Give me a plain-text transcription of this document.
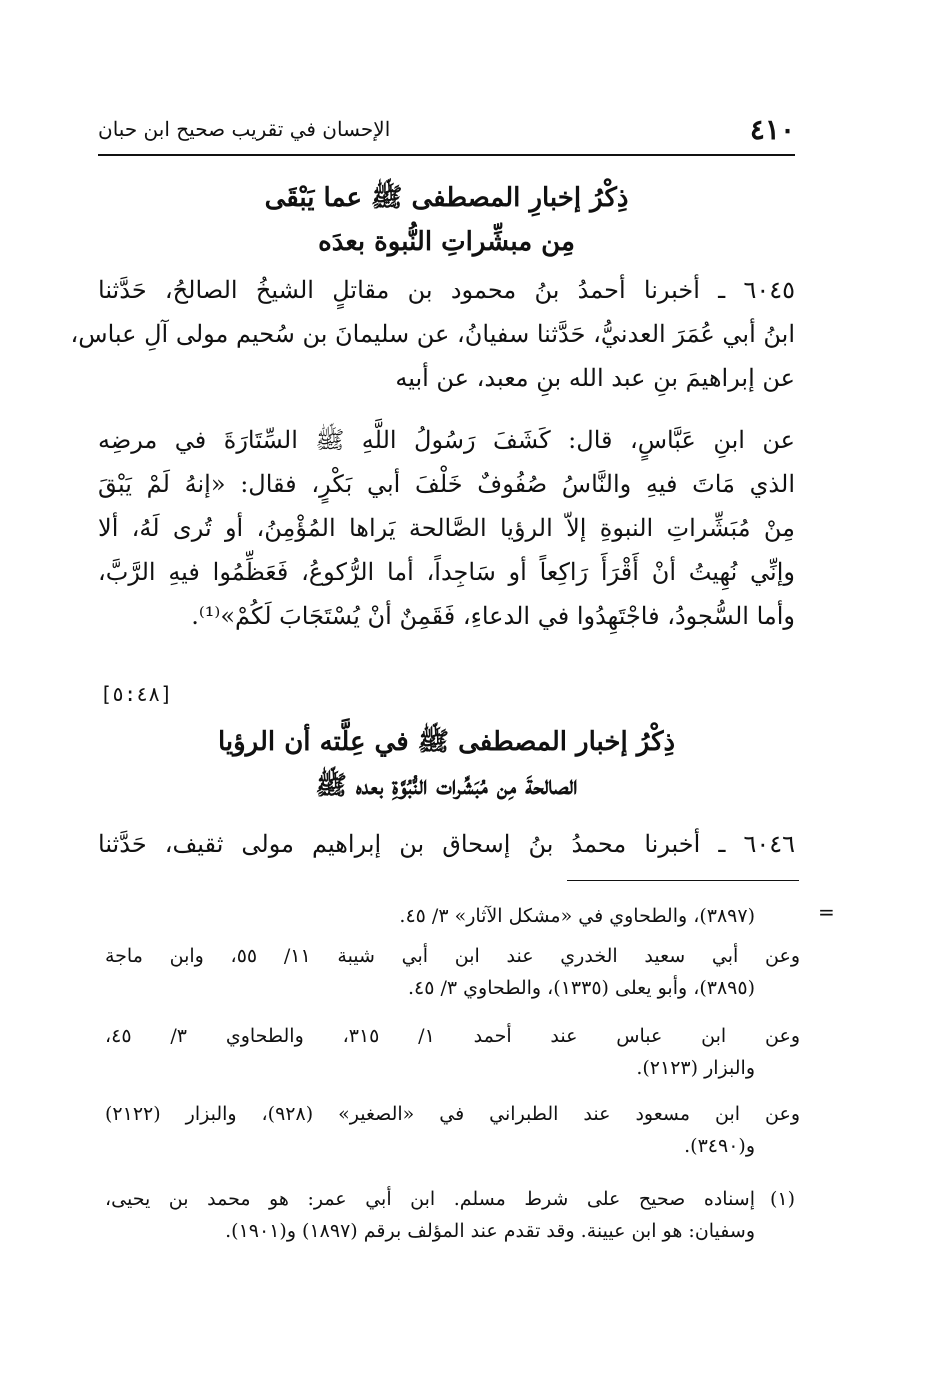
٤١٠
الإحسان في تقريب صحيح ابن حبان
ذِكْرُ إخبارِ المصطفى ﷺ عما يَبْقَى
مِن مبشِّراتِ النُّبوة بعدَه
٦٠٤٥ ـ أخبرنا أحمدُ بنُ محمود بن مقاتلٍ الشيخُ الصالحُ، حَدَّثنا
ابنُ أبي عُمَرَ العدنيُّ، حَدَّثنا سفيانُ، عن سليمانَ بن سُحيم مولى آلِ عباس،
عن إبراهيمَ بنِ عبد الله بنِ معبد، عن أبيه
عن ابنِ عَبَّاسٍ، قال: كَشَفَ رَسُولُ اللَّهِ ﷺ السِّتَارَةَ في مرضِه
الذي مَاتَ فيهِ والنَّاسُ صُفُوفٌ خَلْفَ أبي بَكْرٍ، فقال: «إنهُ لَمْ يَبْقَ
مِنْ مُبَشِّراتِ النبوةِ إلاّ الرؤيا الصَّالحة يَراها المُؤْمِنُ، أو تُرى لَهُ، ألا
وإنِّي نُهِيتُ أنْ أَقْرَأَ رَاكِعاً أو سَاجِداً، أما الرُّكوعُ، فَعَظِّمُوا فيهِ الرَّبَّ،
وأما السُّجودُ، فاجْتَهِدُوا في الدعاءِ، فَقَمِنٌ أنْ يُسْتَجَابَ لَكُمْ»⁽¹⁾.
[٥:٤٨]
ذِكْرُ إخبار المصطفى ﷺ في عِلَّته أن الرؤيا
الصالحةَ مِن مُبَشِّرات النُّبُوَّةِ بعده ﷺ
٦٠٤٦ ـ أخبرنا محمدُ بنُ إسحاق بن إبراهيم مولى ثقيف، حَدَّثنا
=
(٣٨٩٧)، والطحاوي في «مشكل الآثار» ٣/ ٤٥.
وعن أبي سعيد الخدري عند ابن أبي شيبة ١١/ ٥٥، وابن ماجة
(٣٨٩٥)، وأبو يعلى (١٣٣٥)، والطحاوي ٣/ ٤٥.
وعن ابن عباس عند أحمد ١/ ٣١٥، والطحاوي ٣/ ٤٥،
والبزار (٢١٢٣).
وعن ابن مسعود عند الطبراني في «الصغير» (٩٢٨)، والبزار (٢١٢٢)
و(٣٤٩٠).
(١)
إسناده صحيح على شرط مسلم. ابن أبي عمر: هو محمد بن يحيى،
وسفيان: هو ابن عيينة. وقد تقدم عند المؤلف برقم (١٨٩٧) و(١٩٠١).
